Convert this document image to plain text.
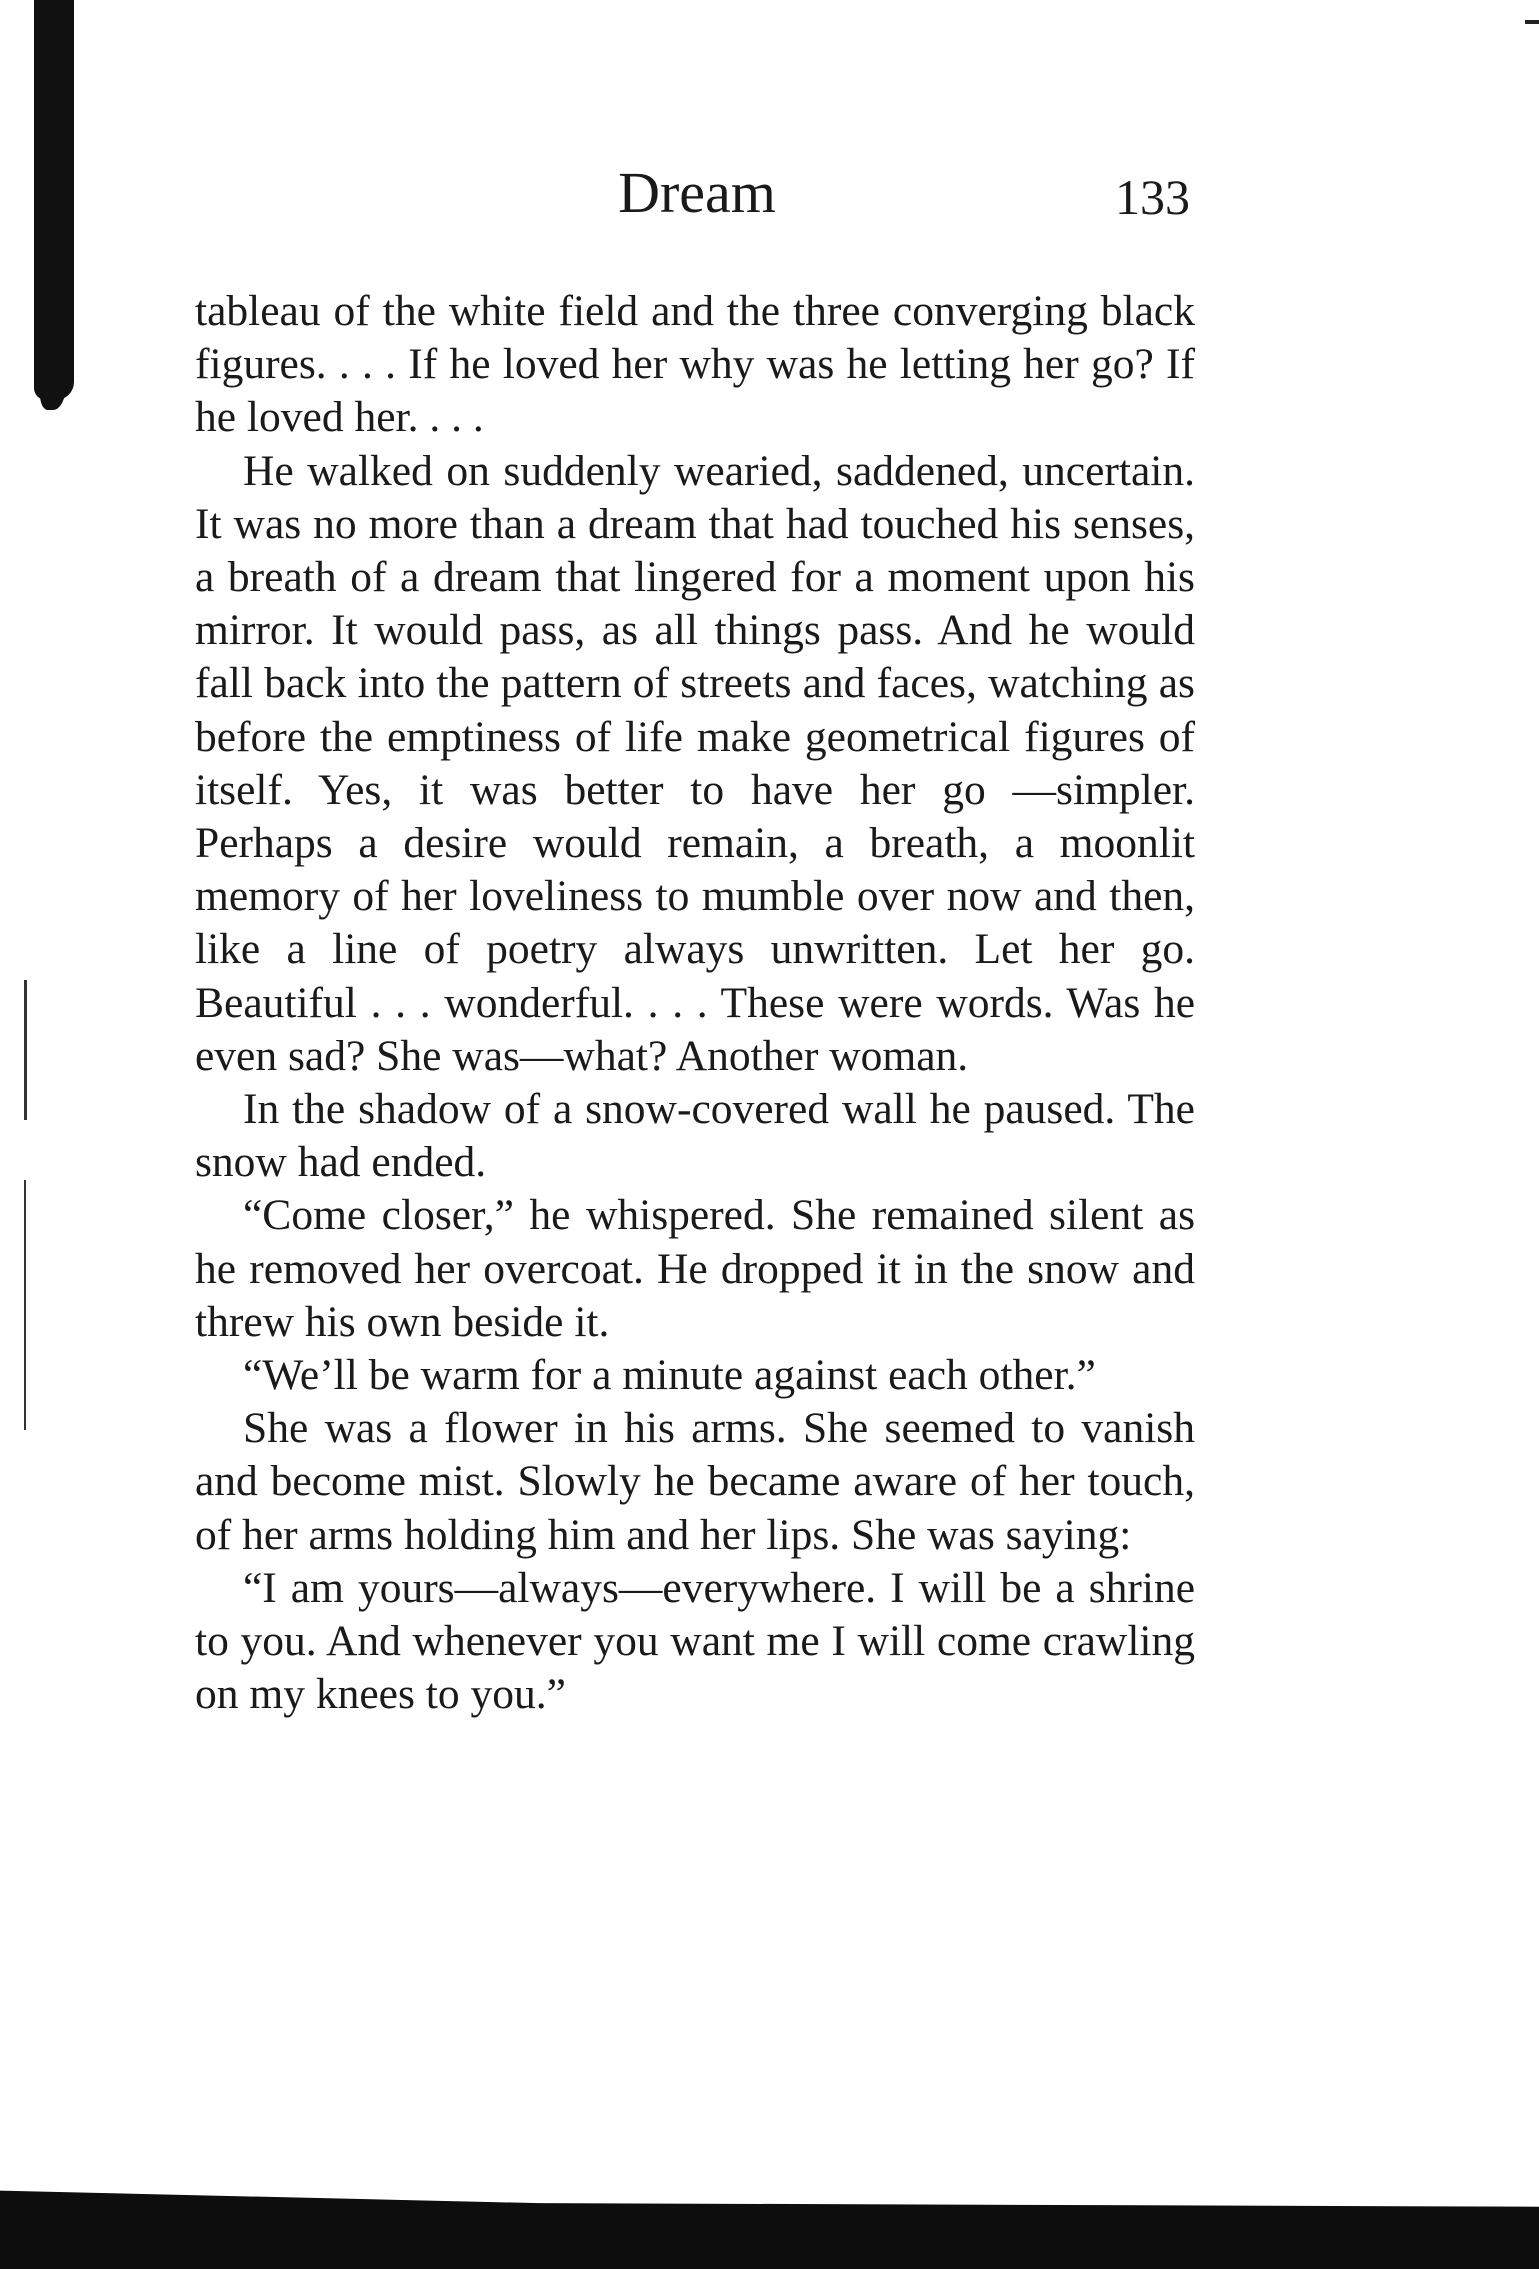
Dream	133

tableau of the white field and the three converging black figures. . . . If he loved her why was he letting her go? If he loved her. . . .

He walked on suddenly wearied, saddened, uncertain. It was no more than a dream that had touched his senses, a breath of a dream that lingered for a moment upon his mirror. It would pass, as all things pass. And he would fall back into the pattern of streets and faces, watching as before the emptiness of life make geometrical figures of itself. Yes, it was better to have her go —simpler. Perhaps a desire would remain, a breath, a moonlit memory of her loveliness to mumble over now and then, like a line of poetry always unwritten. Let her go. Beautiful . . . wonderful. . . . These were words. Was he even sad? She was—what? Another woman.

In the shadow of a snow-covered wall he paused. The snow had ended.

“Come closer,” he whispered. She remained silent as he removed her overcoat. He dropped it in the snow and threw his own beside it.

“We’ll be warm for a minute against each other.”

She was a flower in his arms. She seemed to vanish and become mist. Slowly he became aware of her touch, of her arms holding him and her lips. She was saying:

“I am yours—always—everywhere. I will be a shrine to you. And whenever you want me I will come crawling on my knees to you.”
